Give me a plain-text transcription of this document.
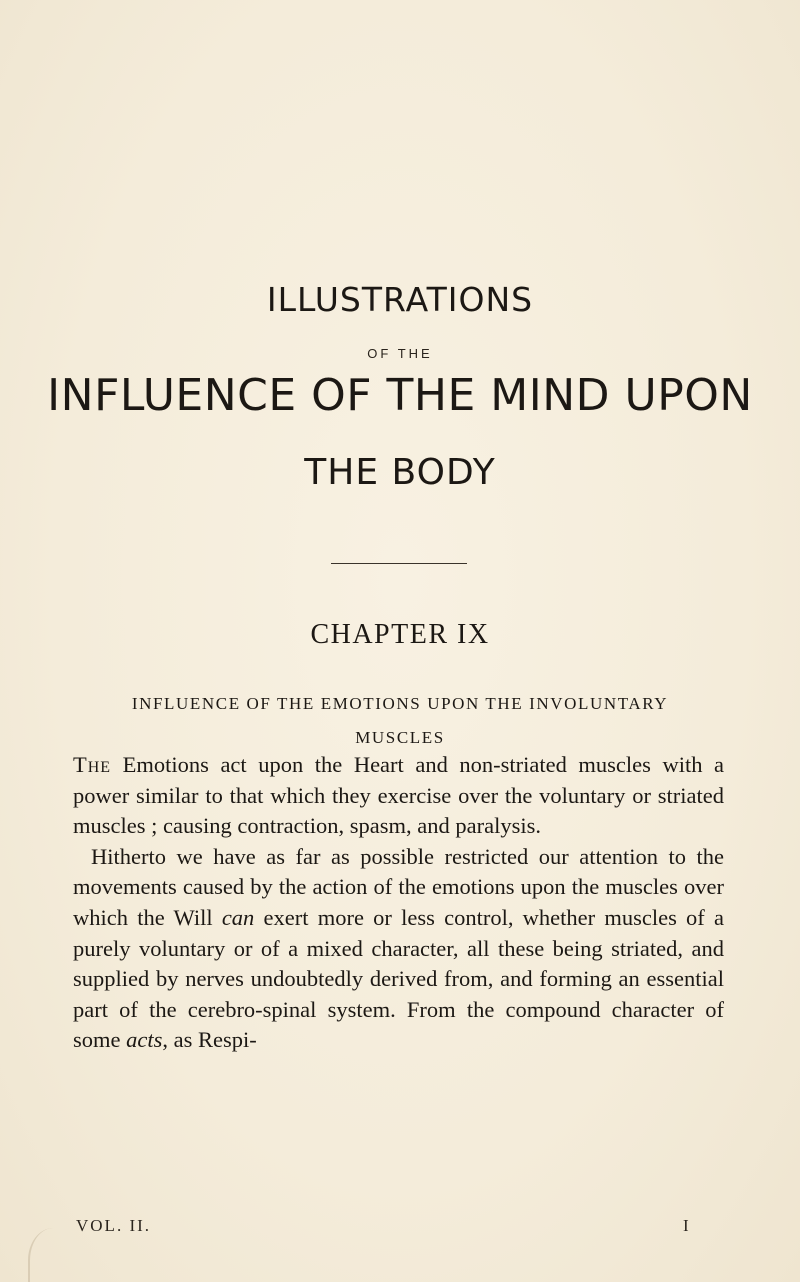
ILLUSTRATIONS
OF THE
INFLUENCE OF THE MIND UPON
THE BODY
CHAPTER IX
INFLUENCE OF THE EMOTIONS UPON THE INVOLUNTARY MUSCLES

The Emotions act upon the Heart and non-striated muscles with a power similar to that which they exercise over the voluntary or striated muscles ; causing contraction, spasm, and paralysis.

Hitherto we have as far as possible restricted our attention to the movements caused by the action of the emotions upon the muscles over which the Will can exert more or less control, whether muscles of a purely voluntary or of a mixed character, all these being striated, and supplied by nerves undoubtedly derived from, and forming an essential part of the cerebro-spinal system. From the compound character of some acts, as Respi-

VOL. II.	I
